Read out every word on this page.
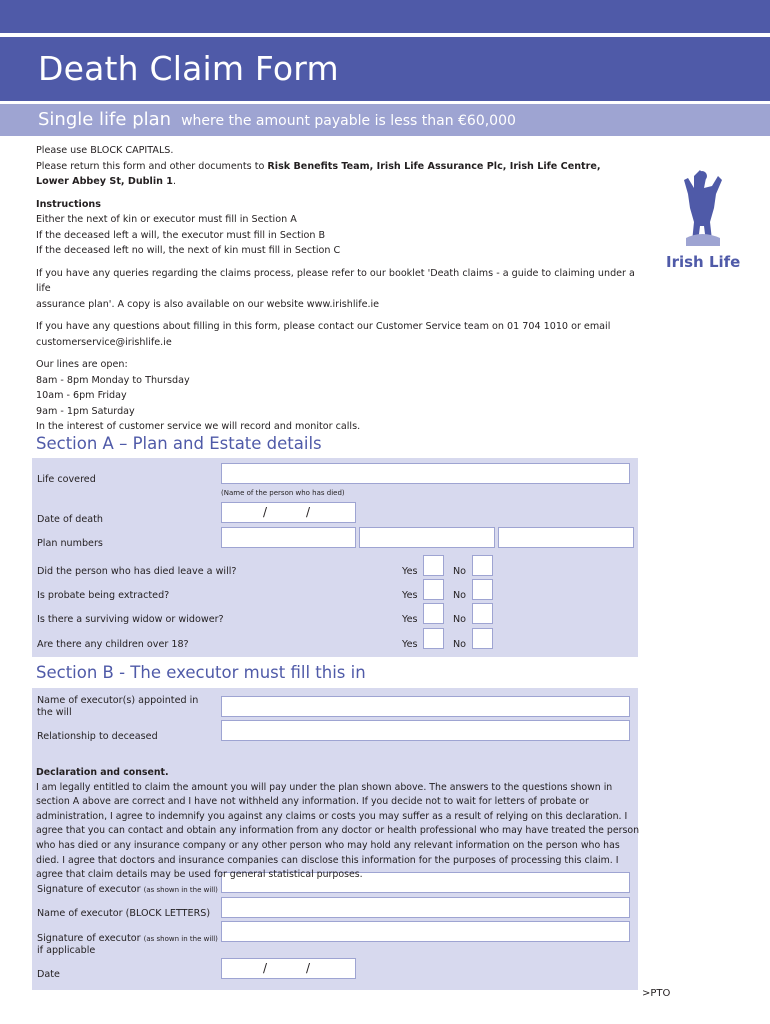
Death Claim Form
Single life plan where the amount payable is less than €60,000
Please use BLOCK CAPITALS.
Please return this form and other documents to Risk Benefits Team, Irish Life Assurance Plc, Irish Life Centre,
Lower Abbey St, Dublin 1.
Instructions
Either the next of kin or executor must fill in Section A
If the deceased left a will, the executor must fill in Section B
If the deceased left no will, the next of kin must fill in Section C
If you have any queries regarding the claims process, please refer to our booklet 'Death claims - a guide to claiming under a life
assurance plan'. A copy is also available on our website www.irishlife.ie
If you have any questions about filling in this form, please contact our Customer Service team on 01 704 1010 or email
customerservice@irishlife.ie
Our lines are open:
8am - 8pm Monday to Thursday
10am - 6pm Friday
9am - 1pm Saturday
In the interest of customer service we will record and monitor calls.
Irish Life
Section A – Plan and Estate details
Life covered
(Name of the person who has died)
Date of death
/	/
Plan numbers
Did the person who has died leave a will?	Yes	No
Is probate being extracted?	Yes	No
Is there a surviving widow or widower?	Yes	No
Are there any children over 18?	Yes	No
Section B - The executor must fill this in
Name of executor(s) appointed in
the will
Relationship to deceased
Signature of executor (as shown in the will)
Name of executor (BLOCK LETTERS)
Signature of executor (as shown in the will)
if applicable
Date	/	/
Declaration and consent.
I am legally entitled to claim the amount you will pay under the plan shown above. The answers to the questions shown in section A above are correct and I have not withheld any information. If you decide not to wait for letters of probate or administration, I agree to indemnify you against any claims or costs you may suffer as a result of relying on this declaration. I agree that you can contact and obtain any information from any doctor or health professional who may have treated the person who has died or any insurance company or any other person who may hold any relevant information on the person who has died. I agree that doctors and insurance companies can disclose this information for the purposes of processing this claim. I agree that claim details may be used for general statistical purposes.
>PTO
